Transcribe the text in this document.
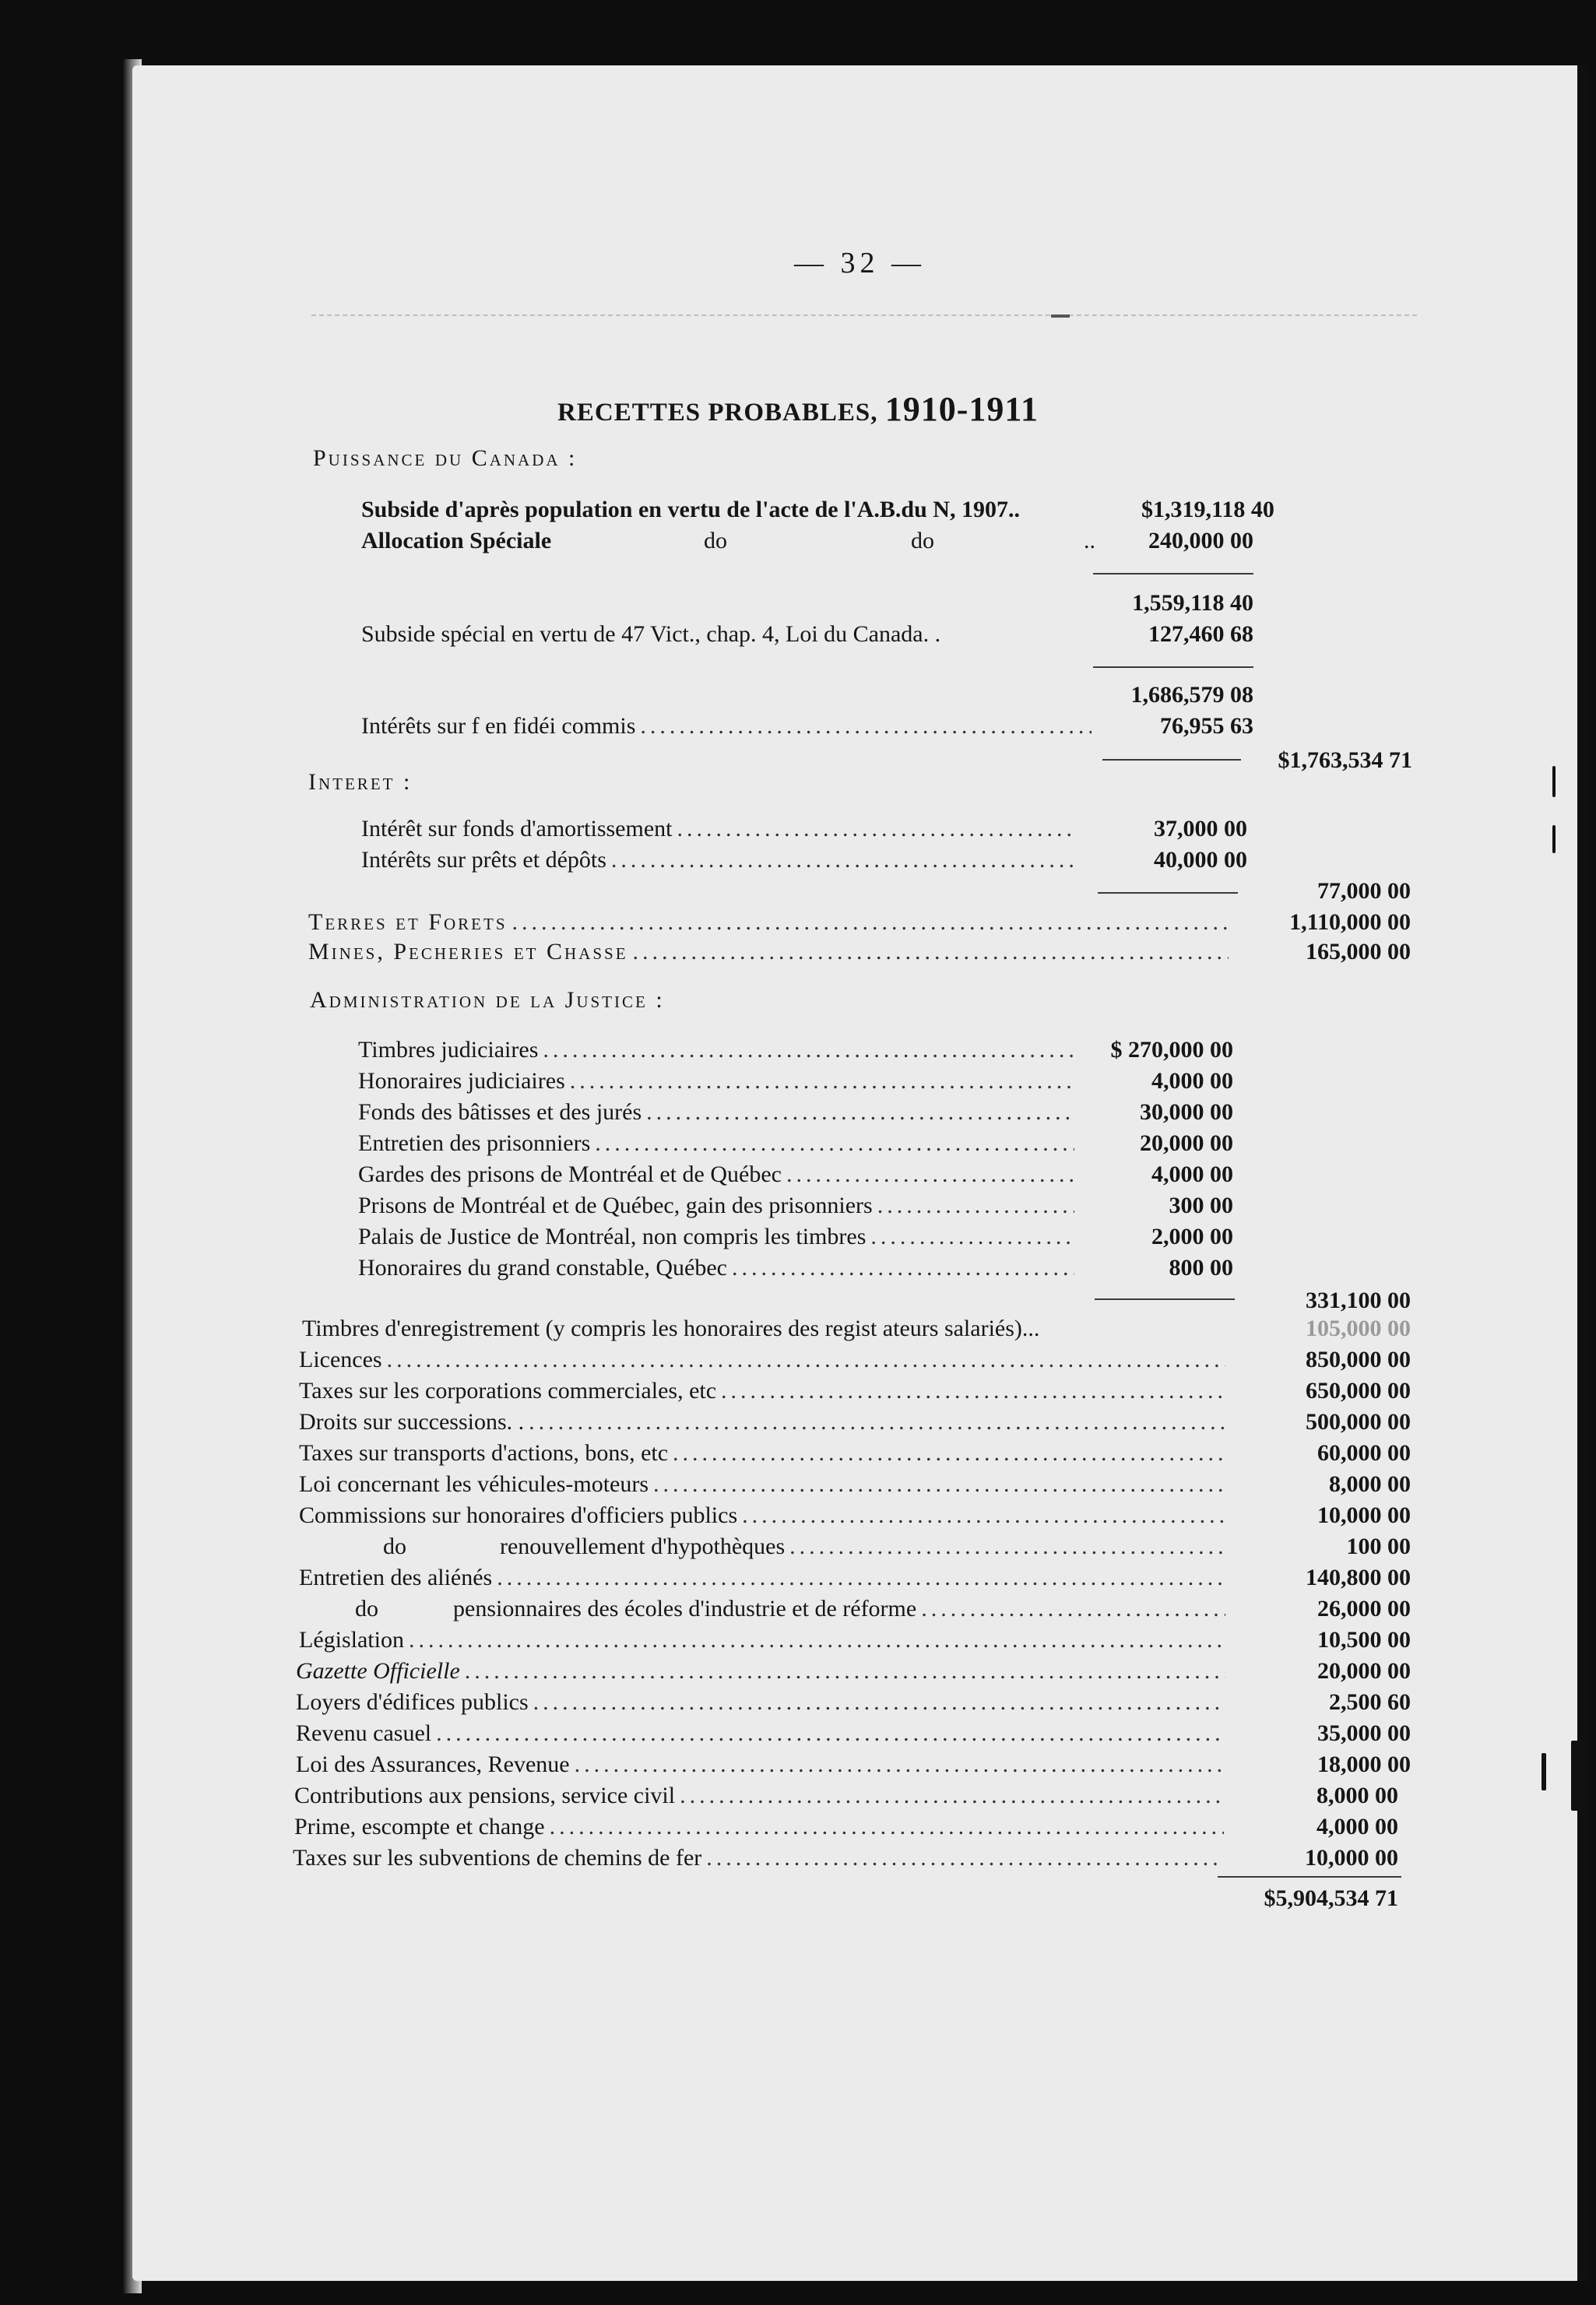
— 32 —
RECETTES PROBABLES, 1910-1911
Puissance du Canada :
Subside d'après population en vertu de l'acte de l'A.B.du N, 1907..	$1,319,118 40
Allocation Spéciale	do	do	.. 240,000 00
1,559,118 40
Subside spécial en vertu de 47 Vict., chap. 4, Loi du Canada. .	127,460 68
1,686,579 08
Intérêts sur f en fidéi commis .....	76,955 63
$1,763,534 71
Interet :
Intérêt sur fonds d'amortissement .....	37,000 00
Intérêts sur prêts et dépôts .....	40,000 00
77,000 00
Terres et Forets .....	1,110,000 00
Mines, Pecheries et Chasse .....	165,000 00
Administration de la Justice :
Timbres judiciaires .....	$ 270,000 00
Honoraires judiciaires .....	4,000 00
Fonds des bâtisses et des jurés .....	30,000 00
Entretien des prisonniers .....	20,000 00
Gardes des prisons de Montréal et de Québec .....	4,000 00
Prisons de Montréal et de Québec, gain des prisonniers .....	300 00
Palais de Justice de Montréal, non compris les timbres .....	2,000 00
Honoraires du grand constable, Québec .....	800 00
331,100 00
Timbres d'enregistrement (y compris les honoraires des regist ateurs salariés)...	105,000 00
Licences .....	850,000 00
Taxes sur les corporations commerciales, etc .....	650,000 00
Droits sur successions. . .....	500,000 00
Taxes sur transports d'actions, bons, etc .....	60,000 00
Loi concernant les véhicules-moteurs .....	8,000 00
Commissions sur honoraires d'officiers publics .....	10,000 00
do	renouvellement d'hypothèques .....	100 00
Entretien des aliénés .....	140,800 00
do	pensionnaires des écoles d'industrie et de réforme .....	26,000 00
Législation .....	10,500 00
Gazette Officielle .....	20,000 00
Loyers d'édifices publics .....	2,500 60
Revenu casuel .....	35,000 00
Loi des Assurances, Revenue .....	18,000 00
Contributions aux pensions, service civil .....	8,000 00
Prime, escompte et change .....	4,000 00
Taxes sur les subventions de chemins de fer .....	10,000 00
$5,904,534 71
